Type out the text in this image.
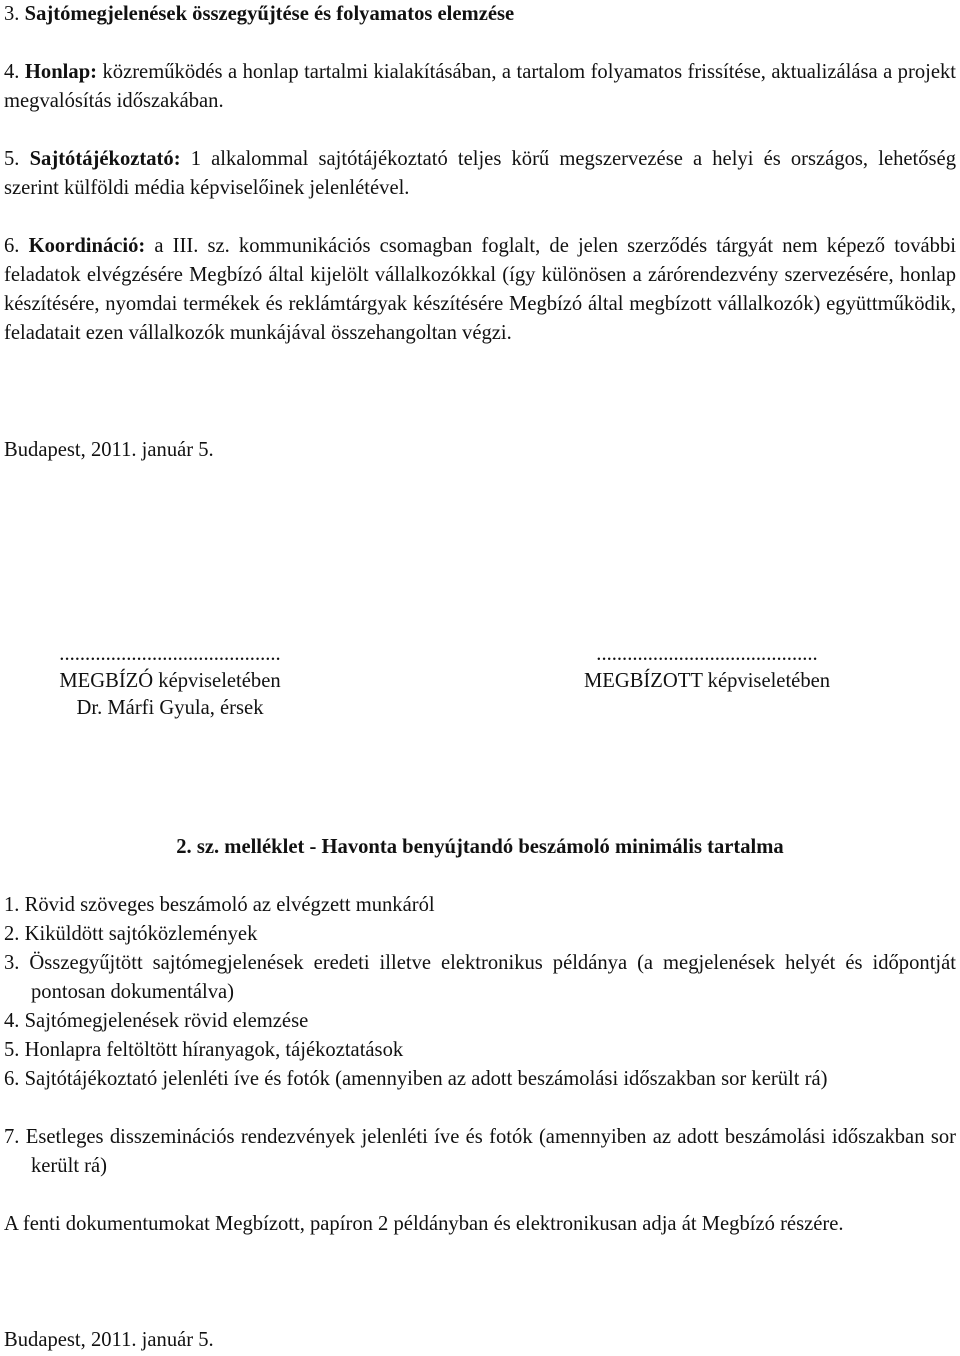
3. Sajtómegjelenések összegyűjtése és folyamatos elemzése

4. Honlap: közreműködés a honlap tartalmi kialakításában, a tartalom folyamatos frissítése, aktualizálása a projekt megvalósítás időszakában.

5. Sajtótájékoztató: 1 alkalommal sajtótájékoztató teljes körű megszervezése a helyi és országos, lehetőség szerint külföldi média képviselőinek jelenlétével.

6. Koordináció: a III. sz. kommunikációs csomagban foglalt, de jelen szerződés tárgyát nem képező további feladatok elvégzésére Megbízó által kijelölt vállalkozókkal (így különösen a zárórendezvény szervezésére, honlap készítésére, nyomdai termékek és reklámtárgyak készítésére Megbízó által megbízott vállalkozók) együttműködik, feladatait ezen vállalkozók munkájával összehangoltan végzi.

Budapest, 2011. január 5.

...........................................
MEGBÍZÓ képviseletében
Dr. Márfi Gyula, érsek
...........................................
MEGBÍZOTT képviseletében

2. sz. melléklet - Havonta benyújtandó beszámoló minimális tartalma

1. Rövid szöveges beszámoló az elvégzett munkáról

2. Kiküldött sajtóközlemények

3. Összegyűjtött sajtómegjelenések eredeti illetve elektronikus példánya (a megjelenések helyét és időpontját pontosan dokumentálva)

4. Sajtómegjelenések rövid elemzése

5. Honlapra feltöltött híranyagok, tájékoztatások

6. Sajtótájékoztató jelenléti íve és fotók (amennyiben az adott beszámolási időszakban sor került rá)

7. Esetleges disszeminációs rendezvények jelenléti íve és fotók (amennyiben az adott beszámolási időszakban sor került rá)

A fenti dokumentumokat Megbízott, papíron 2 példányban és elektronikusan adja át Megbízó részére.

Budapest, 2011. január 5.
